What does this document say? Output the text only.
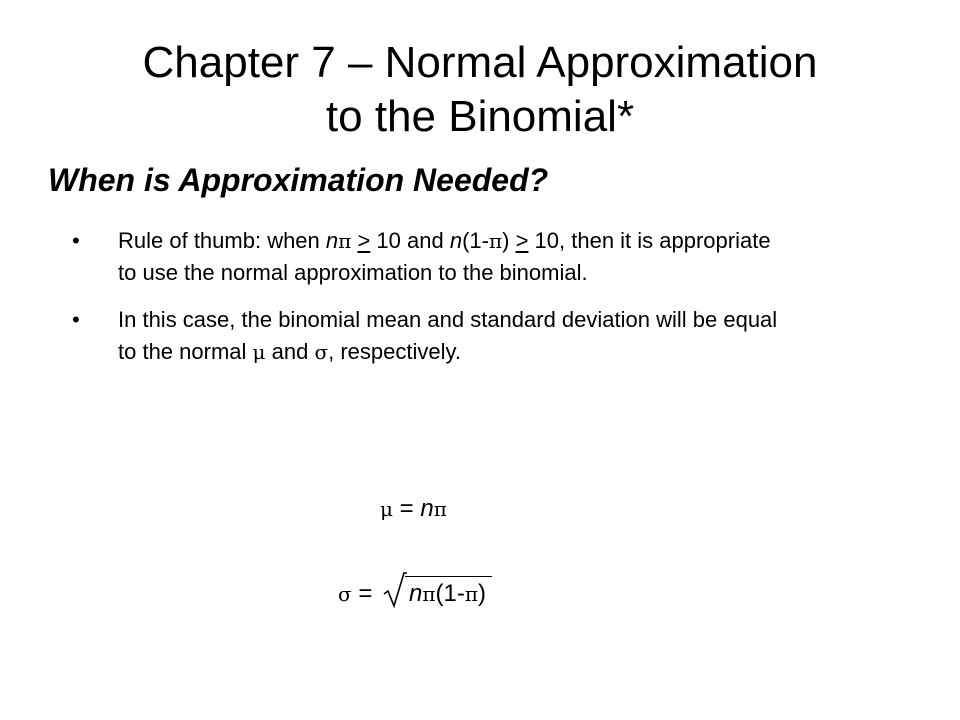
Chapter 7 – Normal Approximation
to the Binomial*
When is Approximation Needed?
•	Rule of thumb: when nπ ≥ 10 and n(1-π) ≥ 10, then it is appropriate to use the normal approximation to the binomial.
•	In this case, the binomial mean and standard deviation will be equal to the normal μ and σ, respectively.
μ = nπ
σ =
nπ(1-π)
